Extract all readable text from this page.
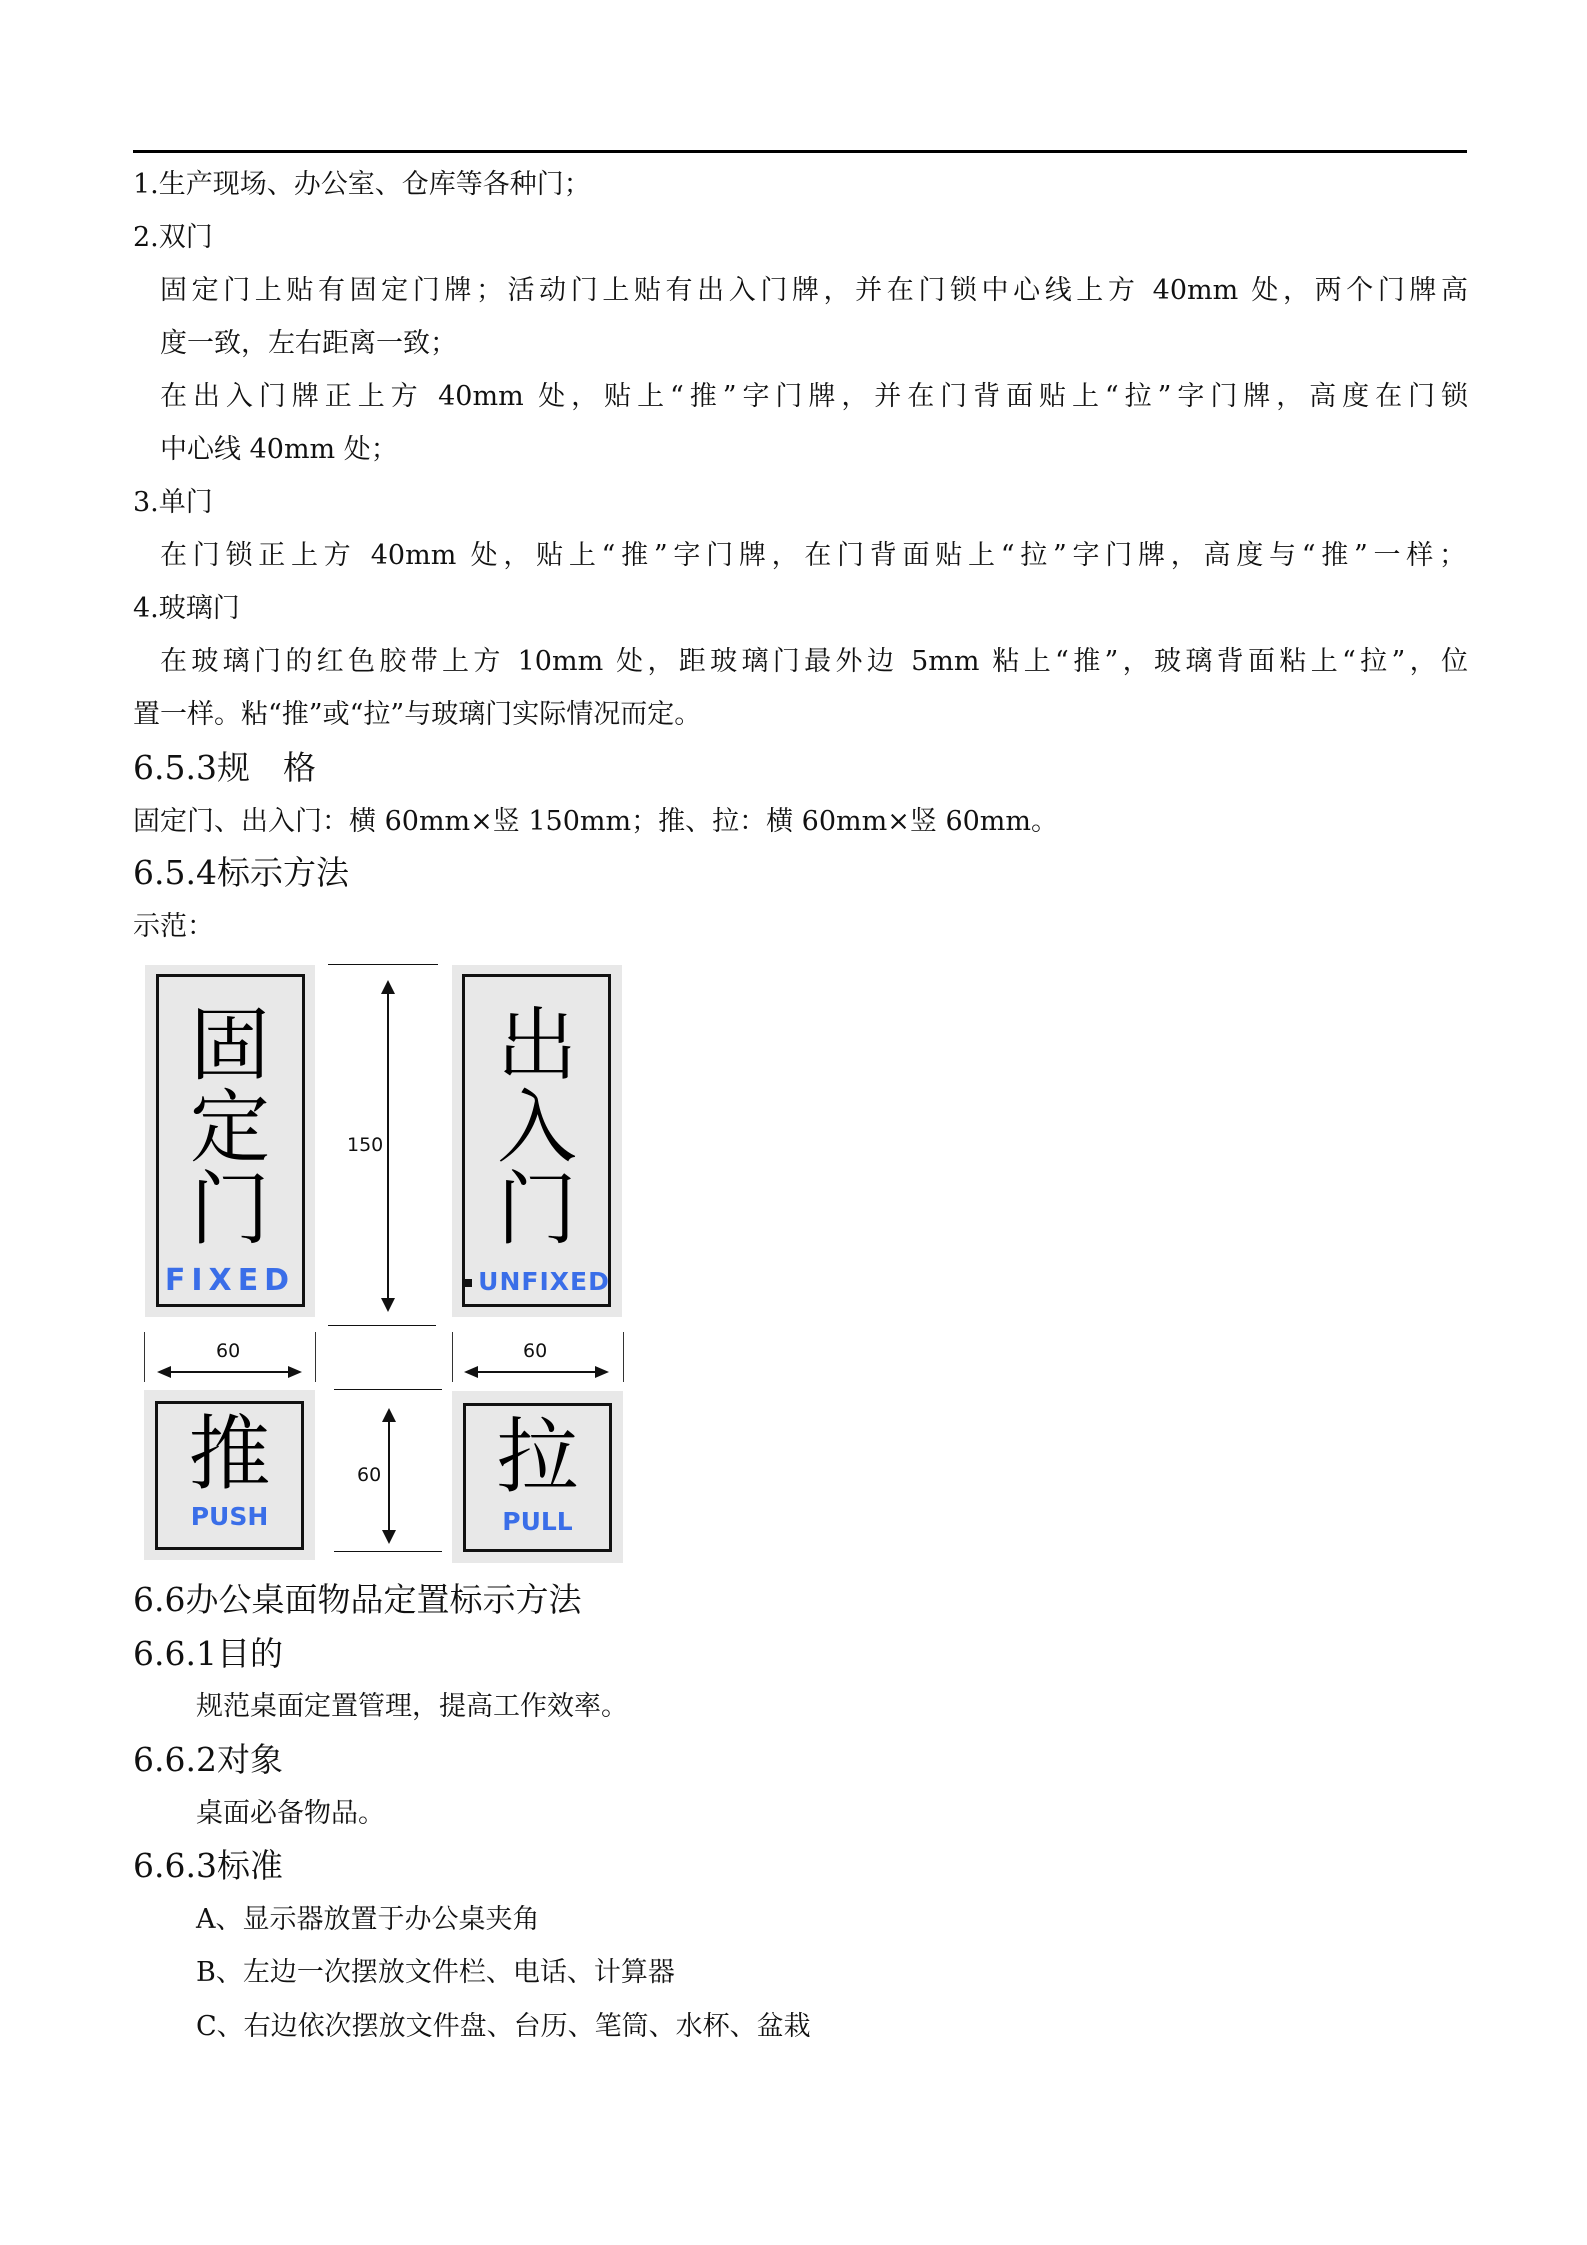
1.生产现场、办公室、仓库等各种门；
2.双门
固定门上贴有固定门牌；活动门上贴有出入门牌，并在门锁中心线上方 40mm 处，两个门牌高
度一致，左右距离一致；
在出入门牌正上方 40mm 处，贴上“推”字门牌，并在门背面贴上“拉”字门牌，高度在门锁
中心线 40mm 处；
3.单门
在门锁正上方 40mm 处，贴上“推”字门牌，在门背面贴上“拉”字门牌，高度与“推”一样；
4.玻璃门
在玻璃门的红色胶带上方 10mm 处，距玻璃门最外边 5mm 粘上“推”，玻璃背面粘上“拉”，位
置一样。粘“推”或“拉”与玻璃门实际情况而定。
6.5.3规　格
固定门、出入门：横 60mm×竖 150mm；推、拉：横 60mm×竖 60mm。
6.5.4标示方法
示范：
固
定
门
FIXED
150
出
入
门
UNFIXED
60	60
推
PUSH
60	拉
PULL
6.6办公桌面物品定置标示方法
6.6.1目的
规范桌面定置管理，提高工作效率。
6.6.2对象
桌面必备物品。
6.6.3标准
A、显示器放置于办公桌夹角
B、左边一次摆放文件栏、电话、计算器
C、右边依次摆放文件盘、台历、笔筒、水杯、盆栽
